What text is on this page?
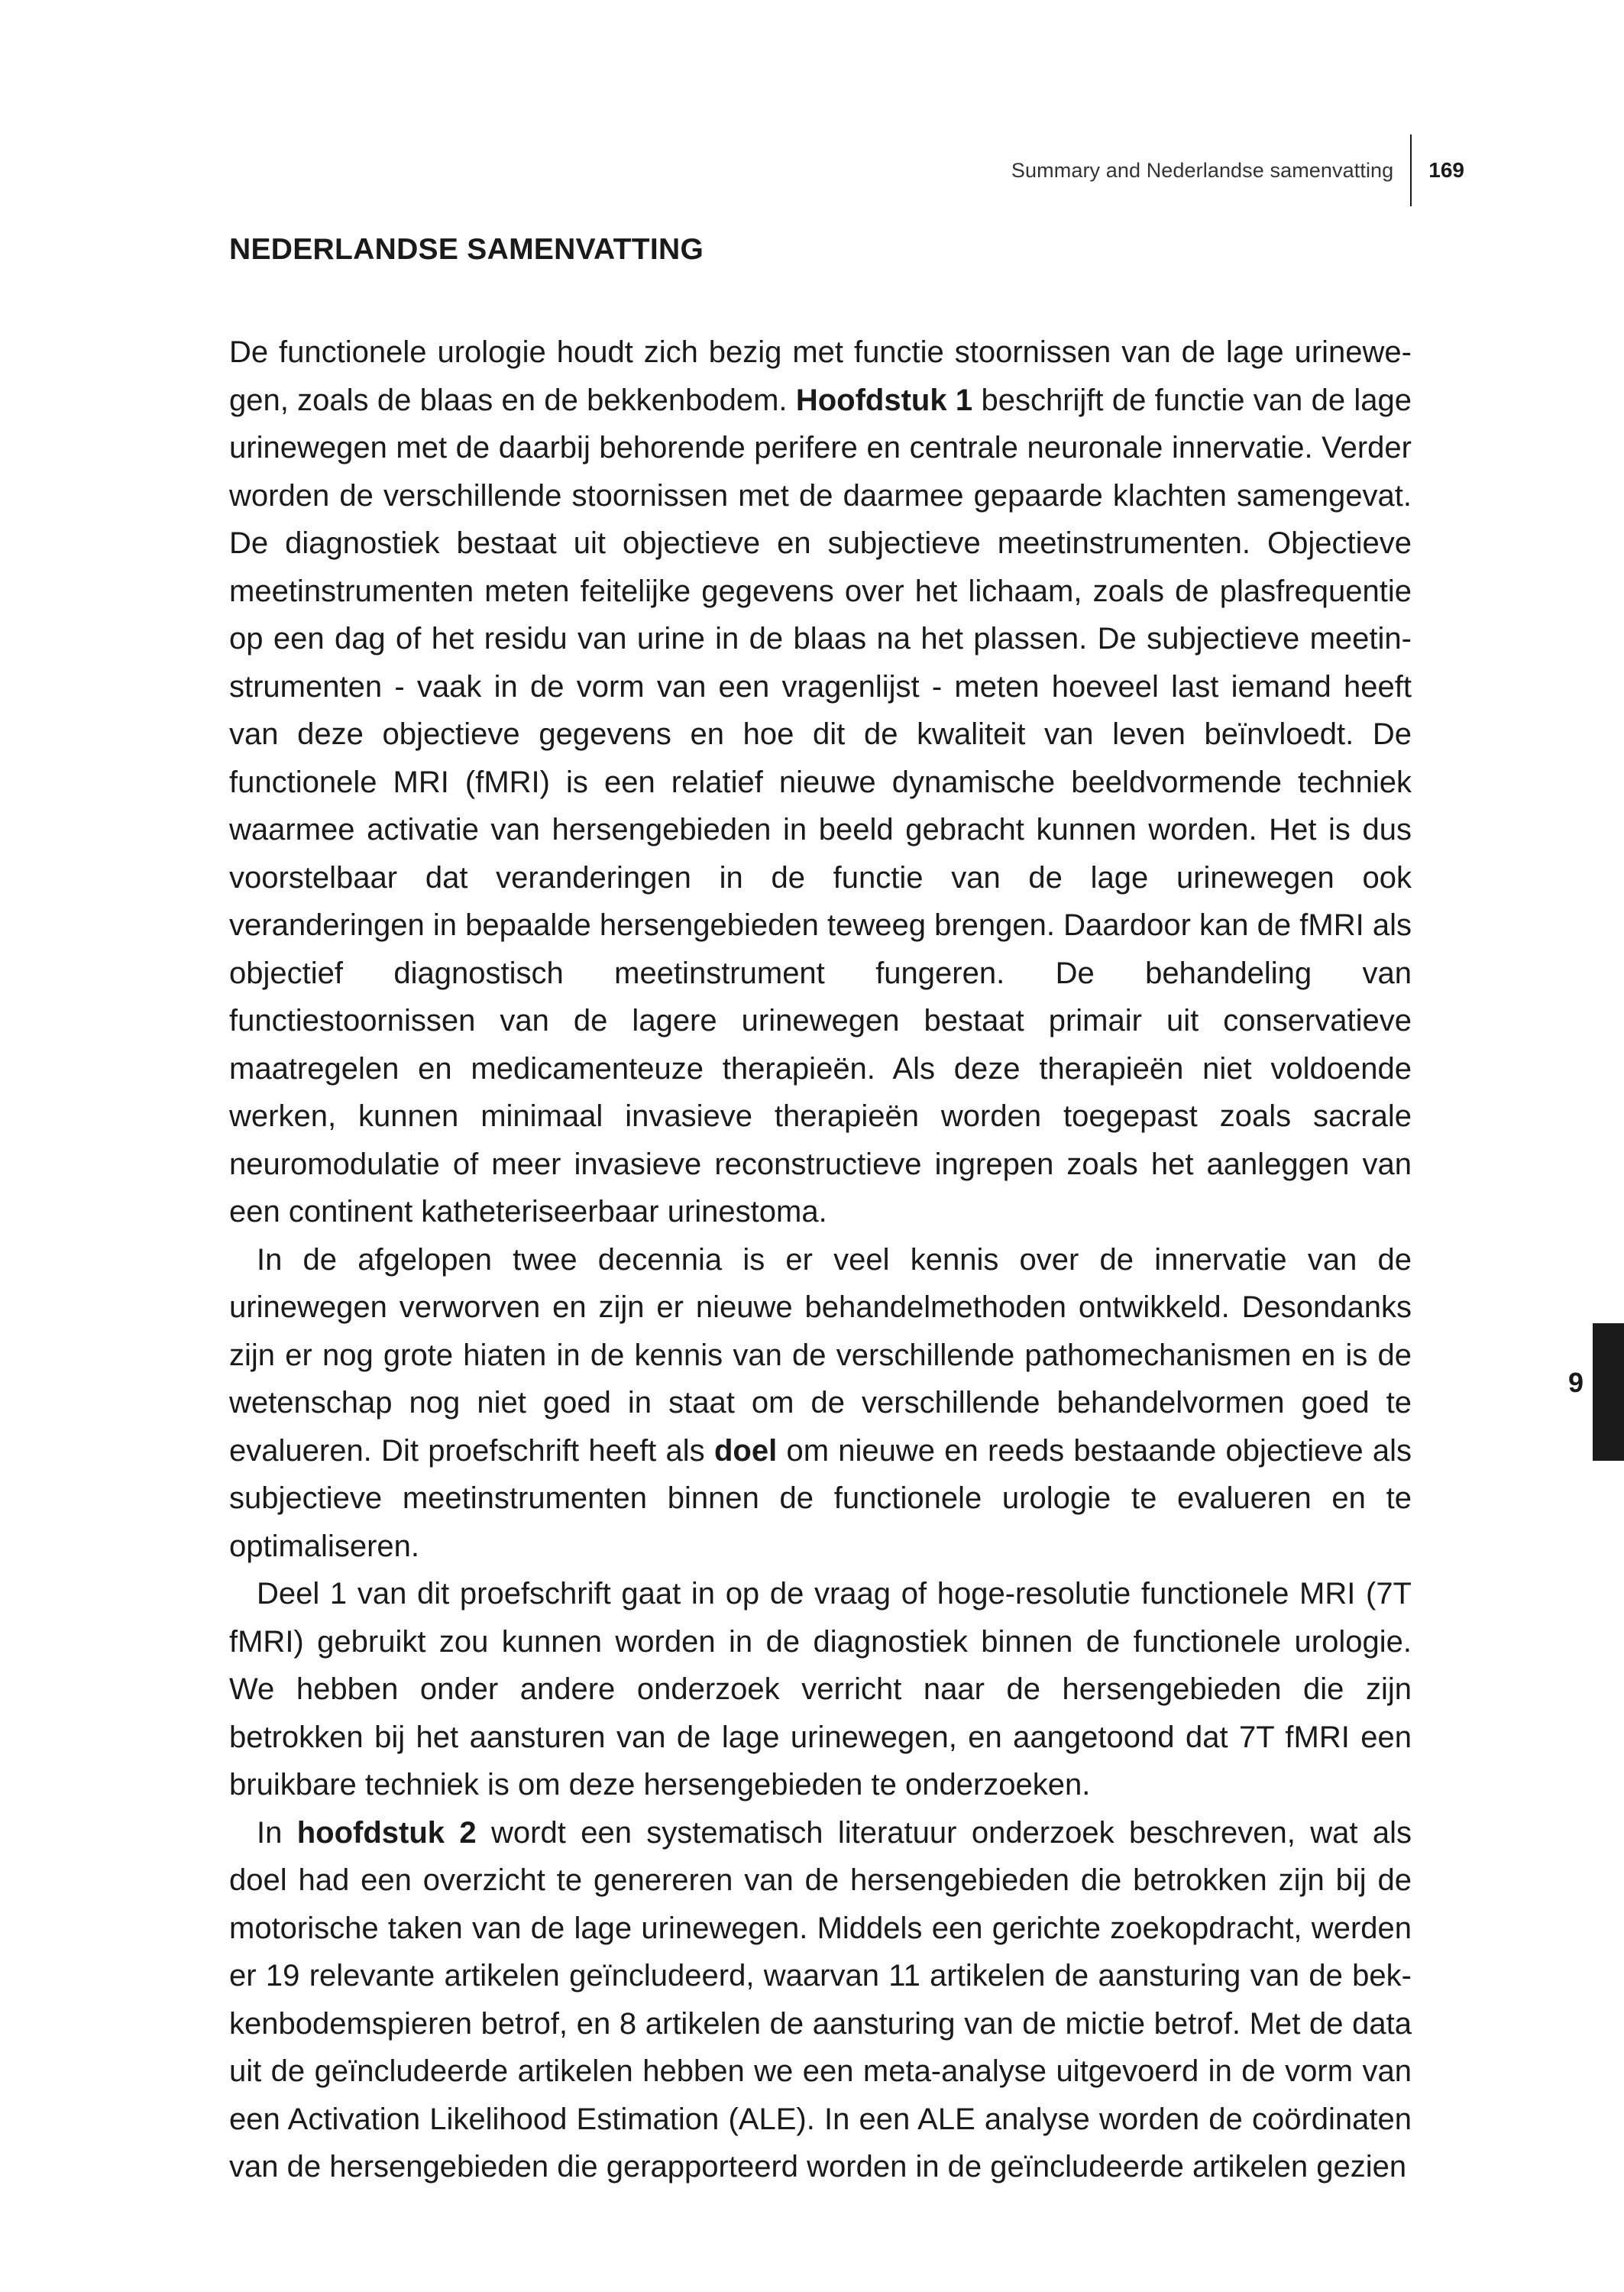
Summary and Nederlandse samenvatting	169
9
NEDERLANDSE SAMENVATTING

De functionele urologie houdt zich bezig met functie stoornissen van de lage urinewegen, zoals de blaas en de bekkenbodem. Hoofdstuk 1 beschrijft de functie van de lage urinewegen met de daarbij behorende perifere en centrale neuronale innervatie. Verder worden de verschillende stoornissen met de daarmee gepaarde klachten samengevat. De diagnostiek bestaat uit objectieve en subjectieve meetinstrumenten. Objectieve meetinstrumenten meten feitelijke gegevens over het lichaam, zoals de plasfrequentie op een dag of het residu van urine in de blaas na het plassen. De subjectieve meetinstrumenten - vaak in de vorm van een vragenlijst - meten hoeveel last iemand heeft van deze objectieve gegevens en hoe dit de kwaliteit van leven beïnvloedt. De functionele MRI (fMRI) is een relatief nieuwe dynamische beeldvormende techniek waarmee activatie van hersengebieden in beeld gebracht kunnen worden. Het is dus voorstelbaar dat veranderingen in de functie van de lage urinewegen ook veranderingen in bepaalde hersengebieden teweeg brengen. Daardoor kan de fMRI als objectief diagnostisch meetinstrument fungeren. De behandeling van functiestoornissen van de lagere urinewegen bestaat primair uit conservatieve maatregelen en medicamenteuze therapieën. Als deze therapieën niet voldoende werken, kunnen minimaal invasieve therapieën worden toegepast zoals sacrale neuromodulatie of meer invasieve reconstructieve ingrepen zoals het aanleggen van een continent katheteriseerbaar urinestoma.

In de afgelopen twee decennia is er veel kennis over de innervatie van de urinewegen verworven en zijn er nieuwe behandelmethoden ontwikkeld. Desondanks zijn er nog grote hiaten in de kennis van de verschillende pathomechanismen en is de wetenschap nog niet goed in staat om de verschillende behandelvormen goed te evalueren. Dit proefschrift heeft als doel om nieuwe en reeds bestaande objectieve als subjectieve meetinstrumenten binnen de functionele urologie te evalueren en te optimaliseren.

Deel 1 van dit proefschrift gaat in op de vraag of hoge-resolutie functionele MRI (7T fMRI) gebruikt zou kunnen worden in de diagnostiek binnen de functionele urologie. We hebben onder andere onderzoek verricht naar de hersengebieden die zijn betrokken bij het aansturen van de lage urinewegen, en aangetoond dat 7T fMRI een bruikbare techniek is om deze hersengebieden te onderzoeken.

In hoofdstuk 2 wordt een systematisch literatuur onderzoek beschreven, wat als doel had een overzicht te genereren van de hersengebieden die betrokken zijn bij de motorische taken van de lage urinewegen. Middels een gerichte zoekopdracht, werden er 19 relevante artikelen geïncludeerd, waarvan 11 artikelen de aansturing van de bekkenbodemspieren betrof, en 8 artikelen de aansturing van de mictie betrof. Met de data uit de geïncludeerde artikelen hebben we een meta-analyse uitgevoerd in de vorm van een Activation Likelihood Estimation (ALE). In een ALE analyse worden de coördinaten van de hersengebieden die gerapporteerd worden in de geïncludeerde artikelen gezien
